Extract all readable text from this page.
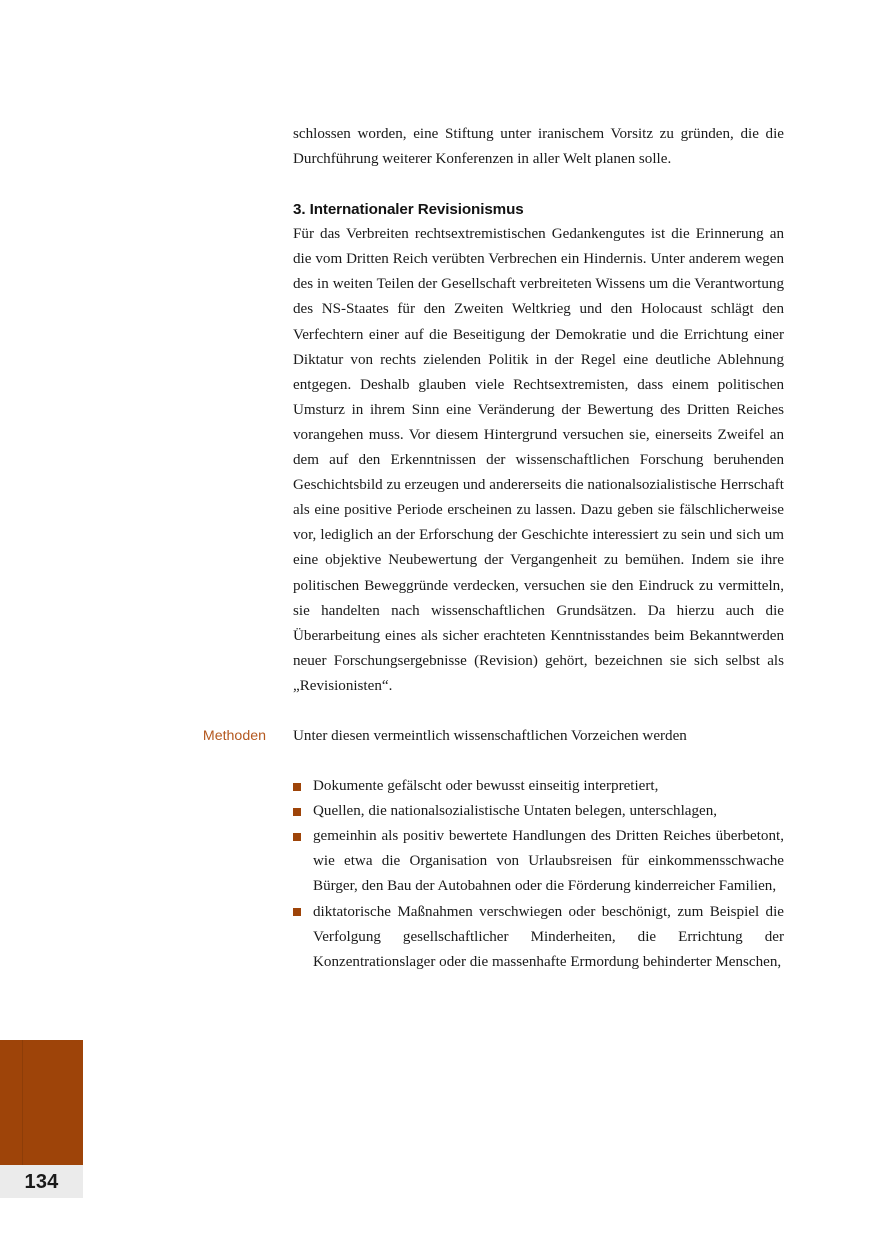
134

schlossen worden, eine Stiftung unter iranischem Vorsitz zu gründen, die die Durchführung weiterer Konferenzen in aller Welt planen solle.

3. Internationaler Revisionismus

Für das Verbreiten rechtsextremistischen Gedankengutes ist die Erinnerung an die vom Dritten Reich verübten Verbrechen ein Hindernis. Unter anderem wegen des in weiten Teilen der Gesellschaft verbreiteten Wissens um die Verantwortung des NS-Staates für den Zweiten Weltkrieg und den Holocaust schlägt den Verfechtern einer auf die Beseitigung der Demokratie und die Errichtung einer Diktatur von rechts zielenden Politik in der Regel eine deutliche Ablehnung entgegen. Deshalb glauben viele Rechtsextremisten, dass einem politischen Umsturz in ihrem Sinn eine Veränderung der Bewertung des Dritten Reiches vorangehen muss. Vor diesem Hintergrund versuchen sie, einerseits Zweifel an dem auf den Erkenntnissen der wissenschaftlichen Forschung beruhenden Geschichtsbild zu erzeugen und andererseits die nationalsozialistische Herrschaft als eine positive Periode erscheinen zu lassen. Dazu geben sie fälschlicherweise vor, lediglich an der Erforschung der Geschichte interessiert zu sein und sich um eine objektive Neubewertung der Vergangenheit zu bemühen. Indem sie ihre politischen Beweggründe verdecken, versuchen sie den Eindruck zu vermitteln, sie handelten nach wissenschaftlichen Grundsätzen. Da hierzu auch die Überarbeitung eines als sicher erachteten Kenntnisstandes beim Bekanntwerden neuer Forschungsergebnisse (Revision) gehört, bezeichnen sie sich selbst als „Revisionisten“.

Methoden Unter diesen vermeintlich wissenschaftlichen Vorzeichen werden

Dokumente gefälscht oder bewusst einseitig interpretiert,
Quellen, die nationalsozialistische Untaten belegen, unterschlagen,
gemeinhin als positiv bewertete Handlungen des Dritten Reiches überbetont, wie etwa die Organisation von Urlaubsreisen für einkommensschwache Bürger, den Bau der Autobahnen oder die Förderung kinderreicher Familien,
diktatorische Maßnahmen verschwiegen oder beschönigt, zum Beispiel die Verfolgung gesellschaftlicher Minderheiten, die Errichtung der Konzentrationslager oder die massenhafte Ermordung behinderter Menschen,
